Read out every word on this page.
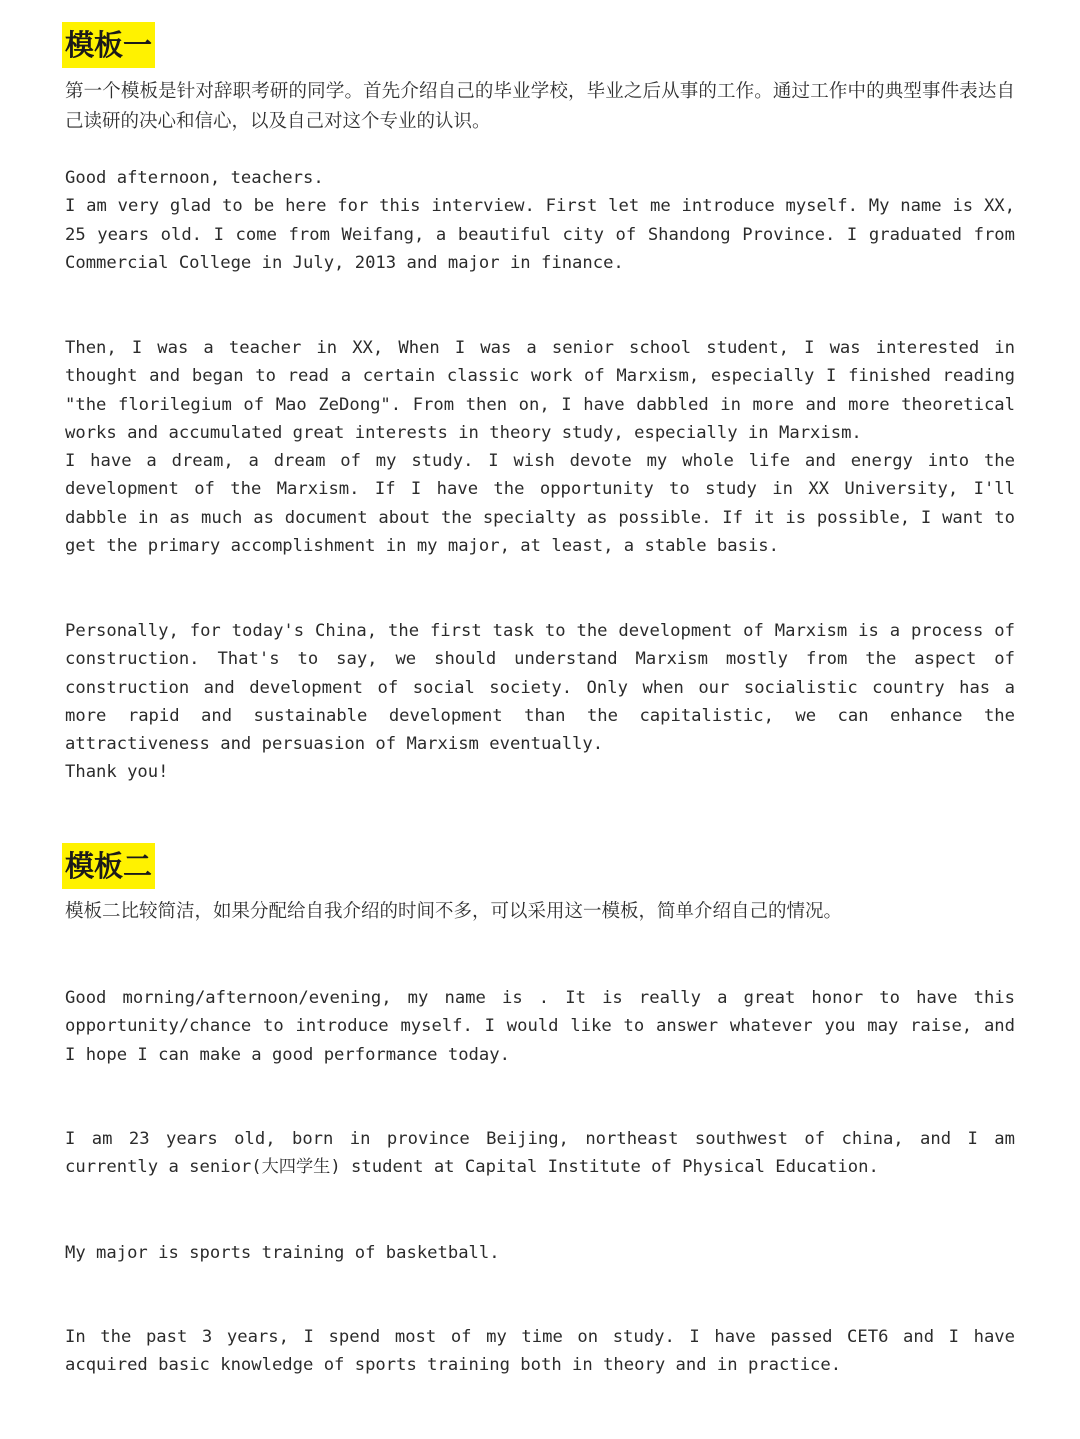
模板一
第一个模板是针对辞职考研的同学。首先介绍自己的毕业学校，毕业之后从事的工作。通过工作中的典型事件表达自己读研的决心和信心，以及自己对这个专业的认识。

Good afternoon, teachers.

I am very glad to be here for this interview. First let me introduce myself. My name is XX, 25 years old. I come from Weifang, a beautiful city of Shandong Province. I graduated from Commercial College in July, 2013 and major in finance.

Then, I was a teacher in XX, When I was a senior school student, I was interested in thought and began to read a certain classic work of Marxism, especially I finished reading "the florilegium of Mao ZeDong". From then on, I have dabbled in more and more theoretical works and accumulated great interests in theory study, especially in Marxism.

I have a dream, a dream of my study. I wish devote my whole life and energy into the development of the Marxism. If I have the opportunity to study in XX University, I'll dabble in as much as document about the specialty as possible. If it is possible, I want to get the primary accomplishment in my major, at least, a stable basis.

Personally, for today's China, the first task to the development of Marxism is a process of construction. That's to say, we should understand Marxism mostly from the aspect of construction and development of social society. Only when our socialistic country has a more rapid and sustainable development than the capitalistic, we can enhance the attractiveness and persuasion of Marxism eventually.

Thank you!

模板二
模板二比较简洁，如果分配给自我介绍的时间不多，可以采用这一模板，简单介绍自己的情况。

Good morning/afternoon/evening, my name is . It is really a great honor to have this opportunity/chance to introduce myself. I would like to answer whatever you may raise, and I hope I can make a good performance today.

I am 23 years old, born in province Beijing, northeast southwest of china, and I am currently a senior(大四学生) student at Capital Institute of Physical Education.

My major is sports training of basketball.

In the past 3 years, I spend most of my time on study. I have passed CET6 and I have acquired basic knowledge of sports training both in theory and in practice.
